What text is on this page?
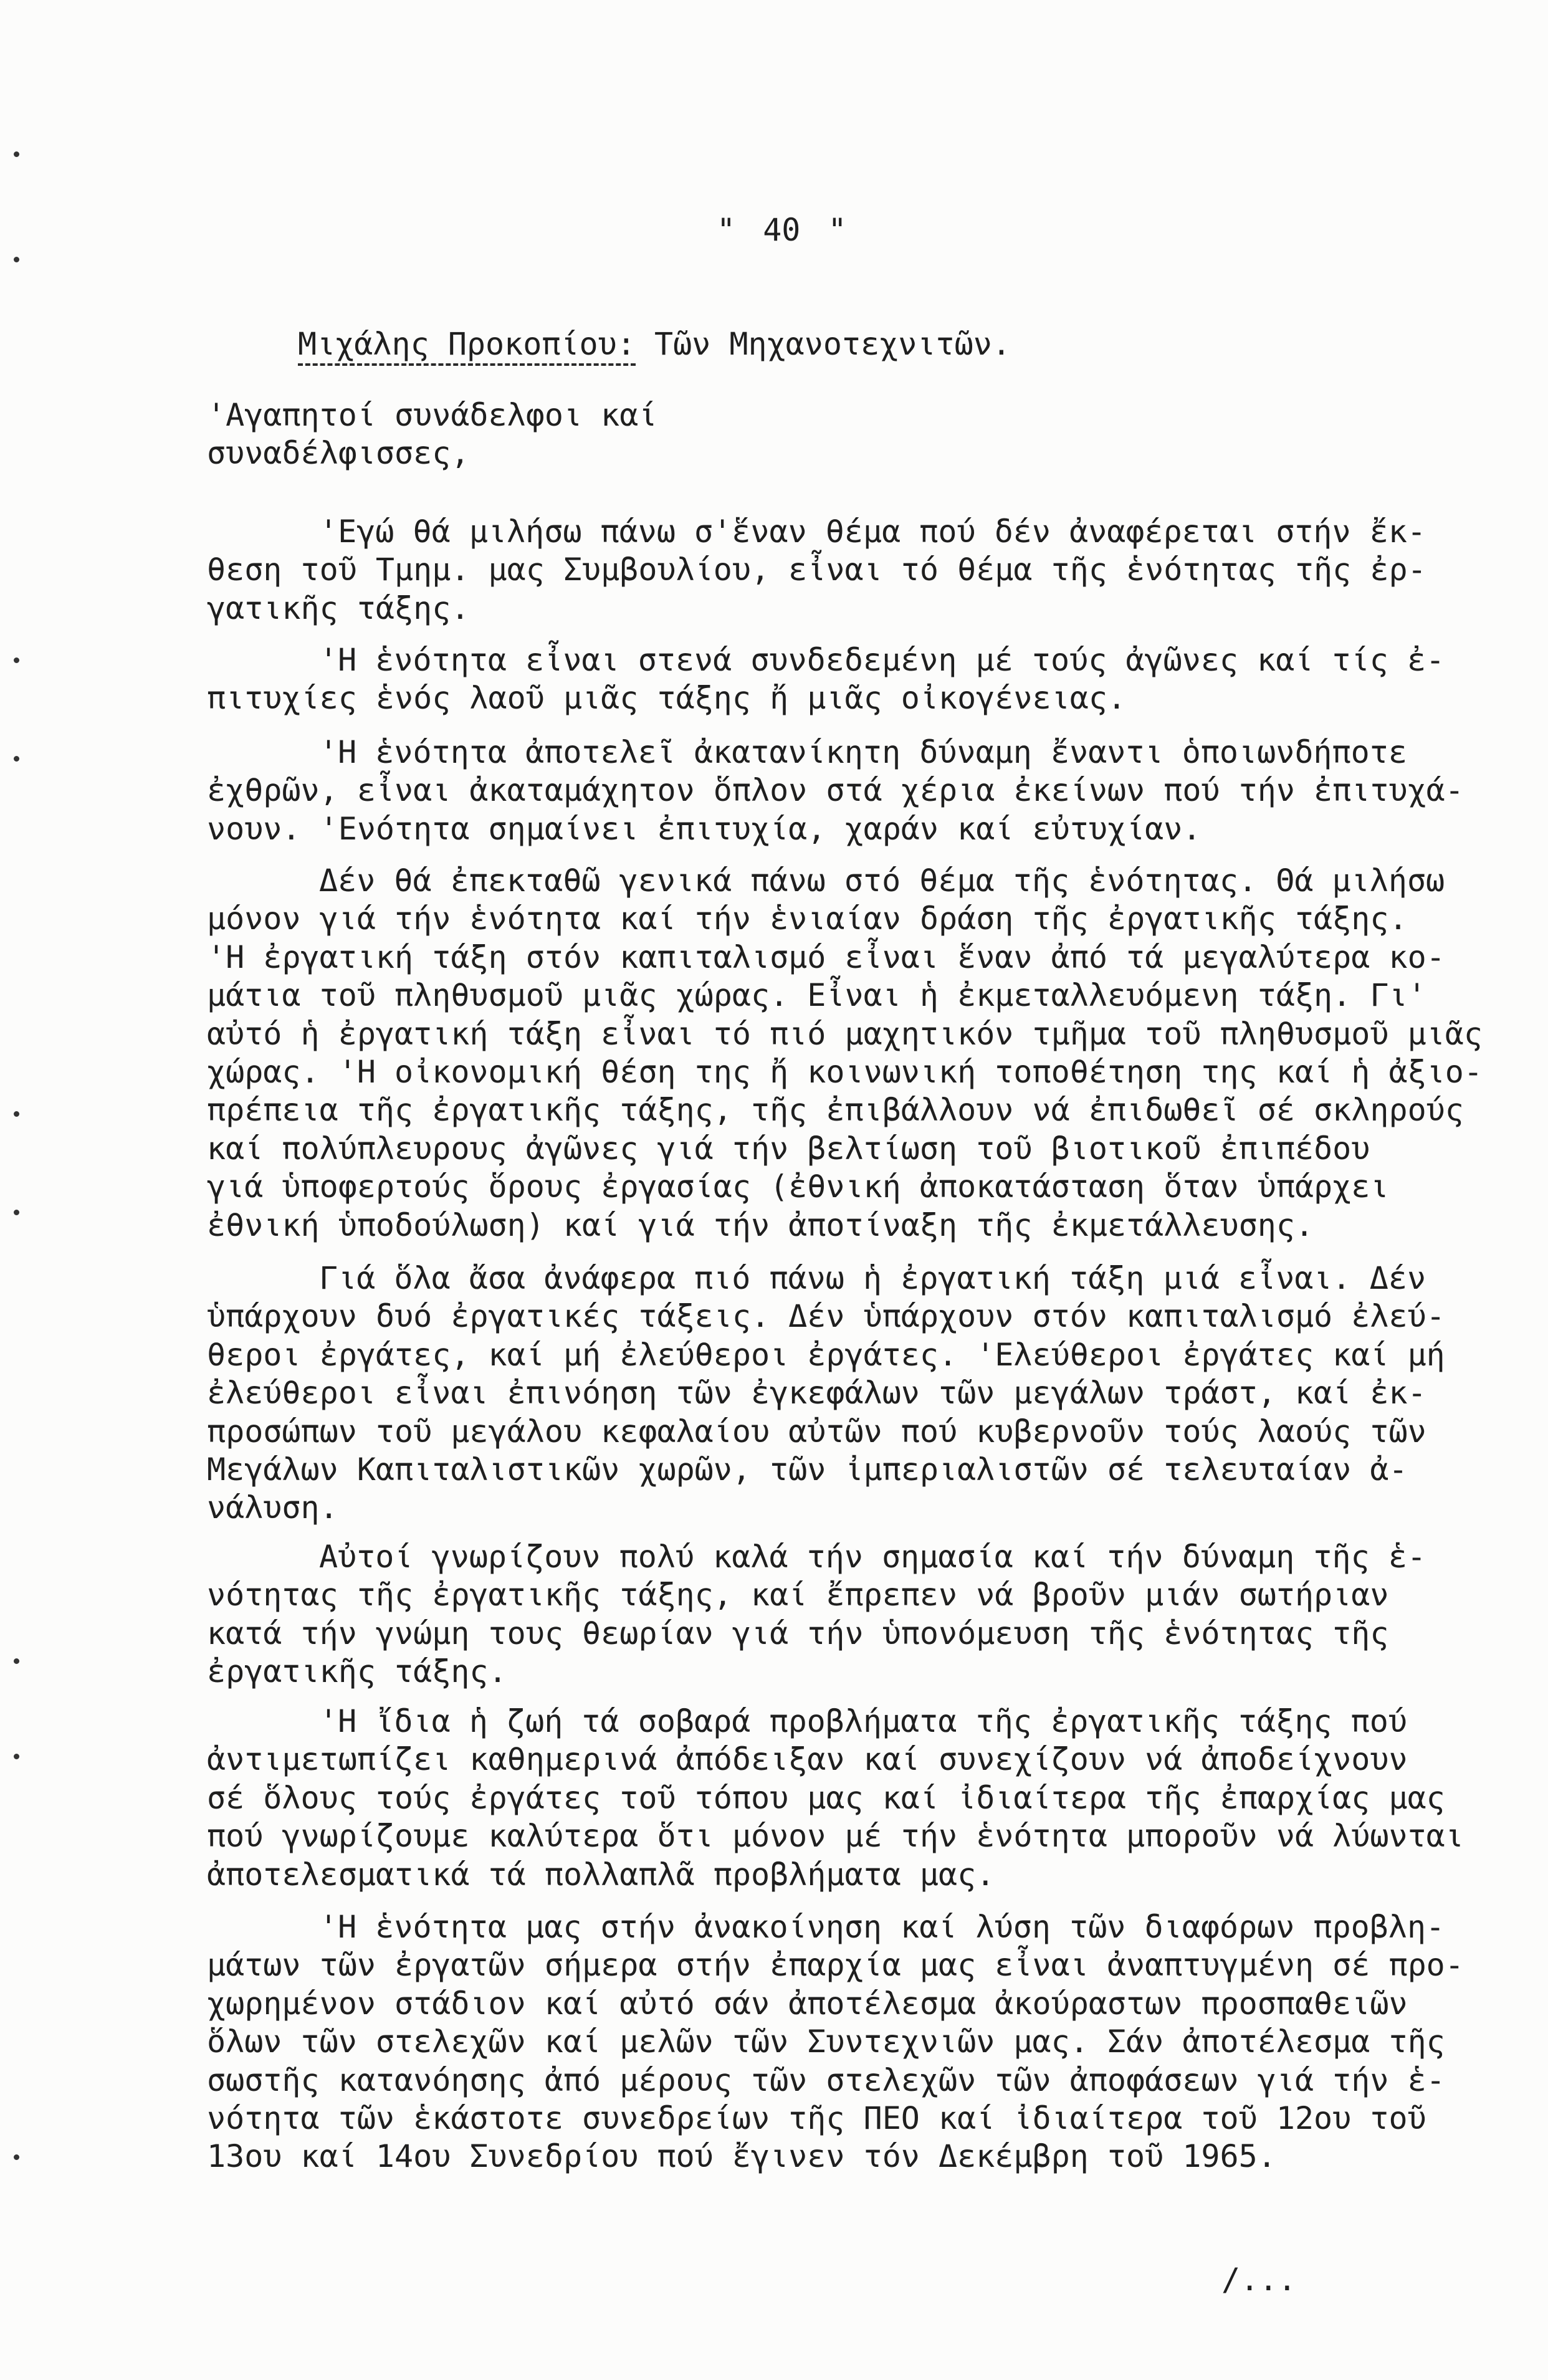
" 40 "
Μιχάλης Προκοπίου: Τῶν Μηχανοτεχνιτῶν.
'Αγαπητοί συνάδελφοι καί
συναδέλφισσες,
'Εγώ θά μιλήσω πάνω σ'ἕναν θέμα πού δέν ἀναφέρεται στήν ἔκ-
θεση τοῦ Τμημ. μας Συμβουλίου, εἶναι τό θέμα τῆς ἑνότητας τῆς ἐρ-
γατικῆς τάξης.
'Η ἑνότητα εἶναι στενά συνδεδεμένη μέ τούς ἀγῶνες καί τίς ἐ-
πιτυχίες ἑνός λαοῦ μιᾶς τάξης ἤ μιᾶς οἰκογένειας.
'Η ἑνότητα ἀποτελεῖ ἀκατανίκητη δύναμη ἔναντι ὁποιωνδήποτε
ἐχθρῶν, εἶναι ἀκαταμάχητον ὅπλον στά χέρια ἐκείνων πού τήν ἐπιτυχά-
νουν. 'Ενότητα σημαίνει ἐπιτυχία, χαράν καί εὐτυχίαν.
Δέν θά ἐπεκταθῶ γενικά πάνω στό θέμα τῆς ἑνότητας. Θά μιλήσω
μόνον γιά τήν ἑνότητα καί τήν ἑνιαίαν δράση τῆς ἐργατικῆς τάξης.
'Η ἐργατική τάξη στόν καπιταλισμό εἶναι ἕναν ἀπό τά μεγαλύτερα κο-
μάτια τοῦ πληθυσμοῦ μιᾶς χώρας. Εἶναι ἡ ἐκμεταλλευόμενη τάξη. Γι'
αὐτό ἡ ἐργατική τάξη εἶναι τό πιό μαχητικόν τμῆμα τοῦ πληθυσμοῦ μιᾶς
χώρας. 'Η οἰκονομική θέση της ἤ κοινωνική τοποθέτηση της καί ἡ ἀξιο-
πρέπεια τῆς ἐργατικῆς τάξης, τῆς ἐπιβάλλουν νά ἐπιδωθεῖ σέ σκληρούς
καί πολύπλευρους ἀγῶνες γιά τήν βελτίωση τοῦ βιοτικοῦ ἐπιπέδου
γιά ὑποφερτούς ὅρους ἐργασίας (ἐθνική ἀποκατάσταση ὅταν ὑπάρχει
ἐθνική ὑποδούλωση) καί γιά τήν ἀποτίναξη τῆς ἐκμετάλλευσης.
Γιά ὅλα ἄσα ἀνάφερα πιό πάνω ἡ ἐργατική τάξη μιά εἶναι. Δέν
ὑπάρχουν δυό ἐργατικές τάξεις. Δέν ὑπάρχουν στόν καπιταλισμό ἐλεύ-
θεροι ἐργάτες, καί μή ἐλεύθεροι ἐργάτες. 'Ελεύθεροι ἐργάτες καί μή
ἐλεύθεροι εἶναι ἐπινόηση τῶν ἐγκεφάλων τῶν μεγάλων τράστ, καί ἐκ-
προσώπων τοῦ μεγάλου κεφαλαίου αὐτῶν πού κυβερνοῦν τούς λαούς τῶν
Μεγάλων Καπιταλιστικῶν χωρῶν, τῶν ἰμπεριαλιστῶν σέ τελευταίαν ἀ-
νάλυση.
Αὐτοί γνωρίζουν πολύ καλά τήν σημασία καί τήν δύναμη τῆς ἑ-
νότητας τῆς ἐργατικῆς τάξης, καί ἔπρεπεν νά βροῦν μιάν σωτήριαν
κατά τήν γνώμη τους θεωρίαν γιά τήν ὑπονόμευση τῆς ἑνότητας τῆς
ἐργατικῆς τάξης.
'Η ἴδια ἡ ζωή τά σοβαρά προβλήματα τῆς ἐργατικῆς τάξης πού
ἀντιμετωπίζει καθημερινά ἀπόδειξαν καί συνεχίζουν νά ἀποδείχνουν
σέ ὅλους τούς ἐργάτες τοῦ τόπου μας καί ἰδιαίτερα τῆς ἐπαρχίας μας
πού γνωρίζουμε καλύτερα ὅτι μόνον μέ τήν ἑνότητα μποροῦν νά λύωνται
ἀποτελεσματικά τά πολλαπλᾶ προβλήματα μας.
'Η ἑνότητα μας στήν ἀνακοίνηση καί λύση τῶν διαφόρων προβλη-
μάτων τῶν ἐργατῶν σήμερα στήν ἐπαρχία μας εἶναι ἀναπτυγμένη σέ προ-
χωρημένον στάδιον καί αὐτό σάν ἀποτέλεσμα ἀκούραστων προσπαθειῶν
ὅλων τῶν στελεχῶν καί μελῶν τῶν Συντεχνιῶν μας. Σάν ἀποτέλεσμα τῆς
σωστῆς κατανόησης ἀπό μέρους τῶν στελεχῶν τῶν ἀποφάσεων γιά τήν ἑ-
νότητα τῶν ἑκάστοτε συνεδρείων τῆς ΠΕΟ καί ἰδιαίτερα τοῦ 12ου τοῦ
13ου καί 14ου Συνεδρίου πού ἔγινεν τόν Δεκέμβρη τοῦ 1965.
/...
